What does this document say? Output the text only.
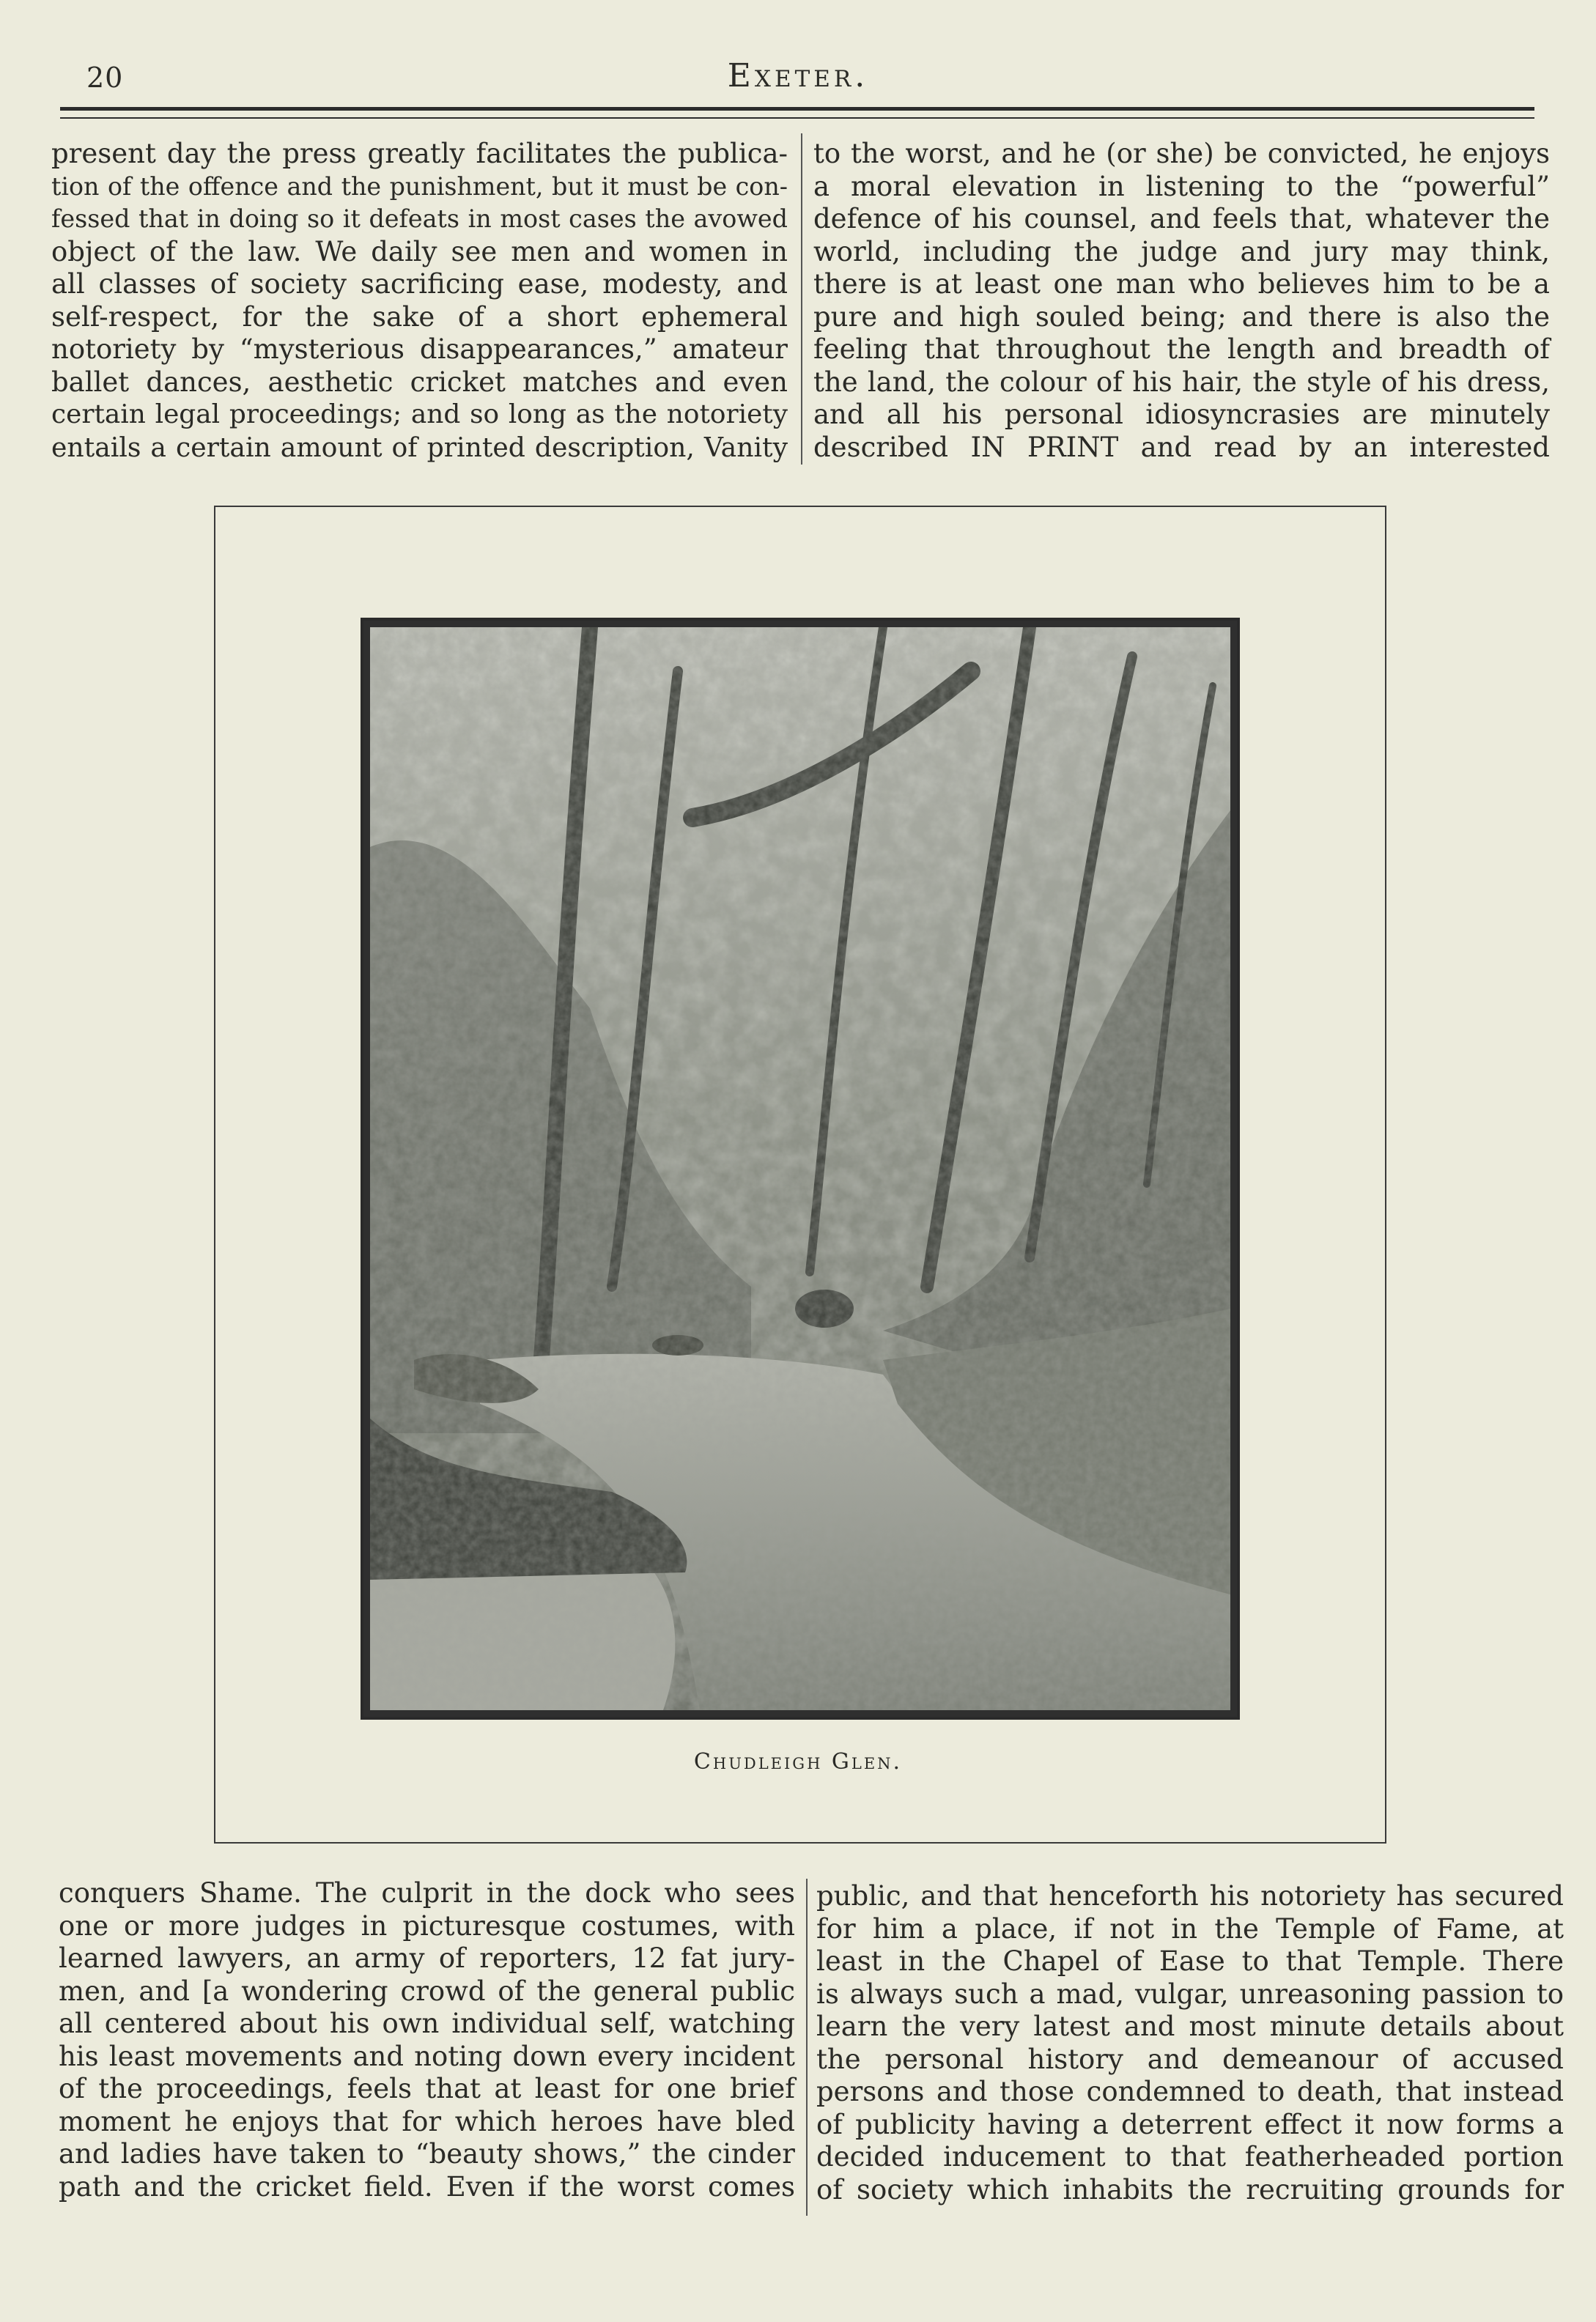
20	Exeter.
present day the press greatly facilitates the publica-
tion of the offence and the punishment, but it must be con-
fessed that in doing so it defeats in most cases the avowed
object of the law. We daily see men and women in
all classes of society sacrificing ease, modesty, and
self-respect, for the sake of a short ephemeral
notoriety by “mysterious disappearances,” amateur
ballet dances, aesthetic cricket matches and even
certain legal proceedings; and so long as the notoriety
entails a certain amount of printed description, Vanity
to the worst, and he (or she) be convicted, he enjoys
a moral elevation in listening to the “powerful”
defence of his counsel, and feels that, whatever the
world, including the judge and jury may think,
there is at least one man who believes him to be a
pure and high souled being; and there is also the
feeling that throughout the length and breadth of
the land, the colour of his hair, the style of his dress,
and all his personal idiosyncrasies are minutely
described IN PRINT and read by an interested
Chudleigh Glen.
conquers Shame. The culprit in the dock who sees
one or more judges in picturesque costumes, with
learned lawyers, an army of reporters, 12 fat jury-
men, and [a wondering crowd of the general public
all centered about his own individual self, watching
his least movements and noting down every incident
of the proceedings, feels that at least for one brief
moment he enjoys that for which heroes have bled
and ladies have taken to “beauty shows,” the cinder
path and the cricket field. Even if the worst comes
public, and that henceforth his notoriety has secured
for him a place, if not in the Temple of Fame, at
least in the Chapel of Ease to that Temple. There
is always such a mad, vulgar, unreasoning passion to
learn the very latest and most minute details about
the personal history and demeanour of accused
persons and those condemned to death, that instead
of publicity having a deterrent effect it now forms a
decided inducement to that featherheaded portion
of society which inhabits the recruiting grounds for
